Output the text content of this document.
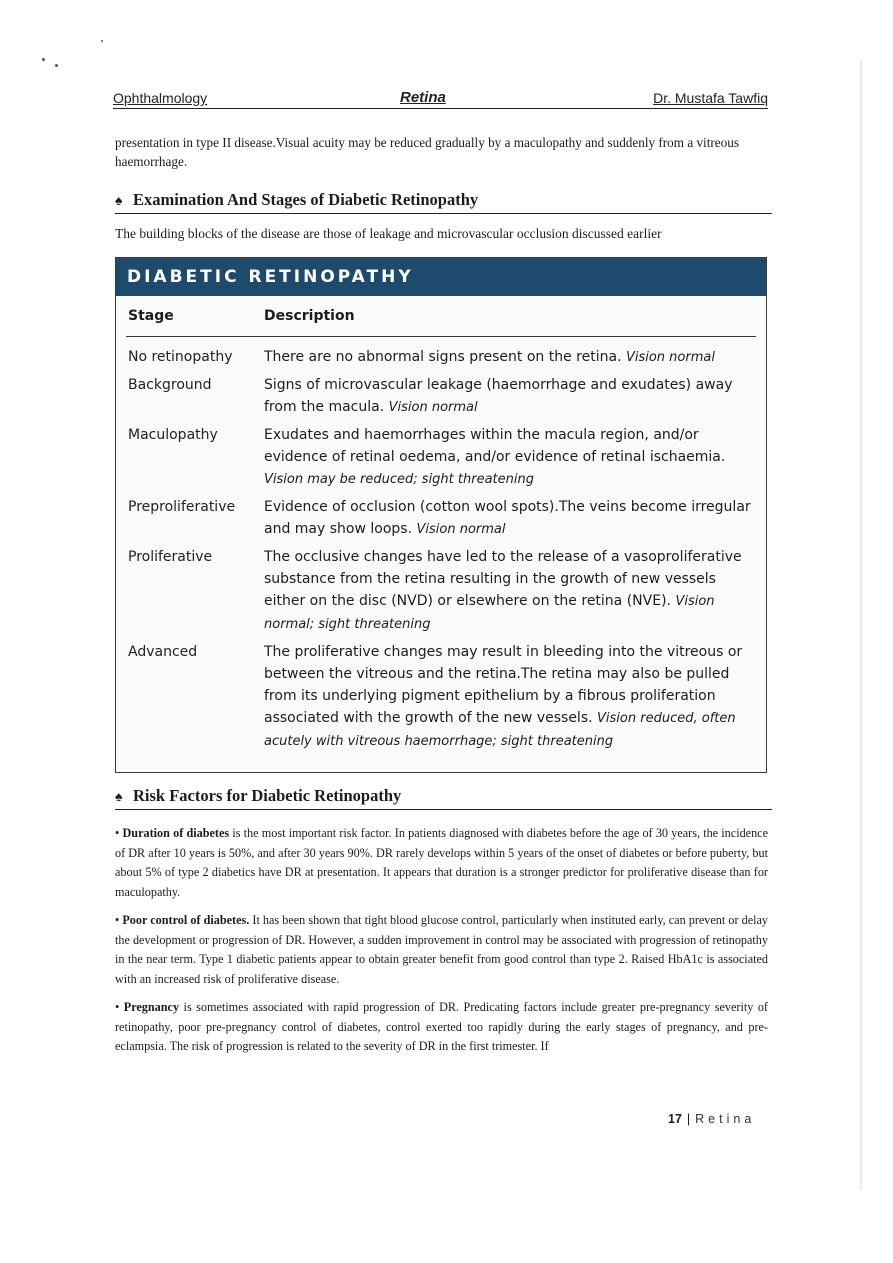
Ophthalmology	Retina	Dr. Mustafa Tawfiq
presentation in type II disease.Visual acuity may be reduced gradually by a maculopathy and suddenly from a vitreous haemorrhage.
♠ Examination And Stages of Diabetic Retinopathy
The building blocks of the disease are those of leakage and microvascular occlusion discussed earlier
DIABETIC RETINOPATHY
Stage	Description
No retinopathy	There are no abnormal signs present on the retina. Vision normal
Background	Signs of microvascular leakage (haemorrhage and exudates) away from the macula. Vision normal
Maculopathy	Exudates and haemorrhages within the macula region, and/or evidence of retinal oedema, and/or evidence of retinal ischaemia. Vision may be reduced; sight threatening
Preproliferative	Evidence of occlusion (cotton wool spots).The veins become irregular and may show loops. Vision normal
Proliferative	The occlusive changes have led to the release of a vasoproliferative substance from the retina resulting in the growth of new vessels either on the disc (NVD) or elsewhere on the retina (NVE). Vision normal; sight threatening
Advanced	The proliferative changes may result in bleeding into the vitreous or between the vitreous and the retina.The retina may also be pulled from its underlying pigment epithelium by a fibrous proliferation associated with the growth of the new vessels. Vision reduced, often acutely with vitreous haemorrhage; sight threatening
♠ Risk Factors for Diabetic Retinopathy
• Duration of diabetes is the most important risk factor. In patients diagnosed with diabetes before the age of 30 years, the incidence of DR after 10 years is 50%, and after 30 years 90%. DR rarely develops within 5 years of the onset of diabetes or before puberty, but about 5% of type 2 diabetics have DR at presentation. It appears that duration is a stronger predictor for proliferative disease than for maculopathy.
• Poor control of diabetes. It has been shown that tight blood glucose control, particularly when instituted early, can prevent or delay the development or progression of DR. However, a sudden improvement in control may be associated with progression of retinopathy in the near term. Type 1 diabetic patients appear to obtain greater benefit from good control than type 2. Raised HbA1c is associated with an increased risk of proliferative disease.
• Pregnancy is sometimes associated with rapid progression of DR. Predicating factors include greater pre-pregnancy severity of retinopathy, poor pre-pregnancy control of diabetes, control exerted too rapidly during the early stages of pregnancy, and pre-eclampsia. The risk of progression is related to the severity of DR in the first trimester. If
17 | Retina
